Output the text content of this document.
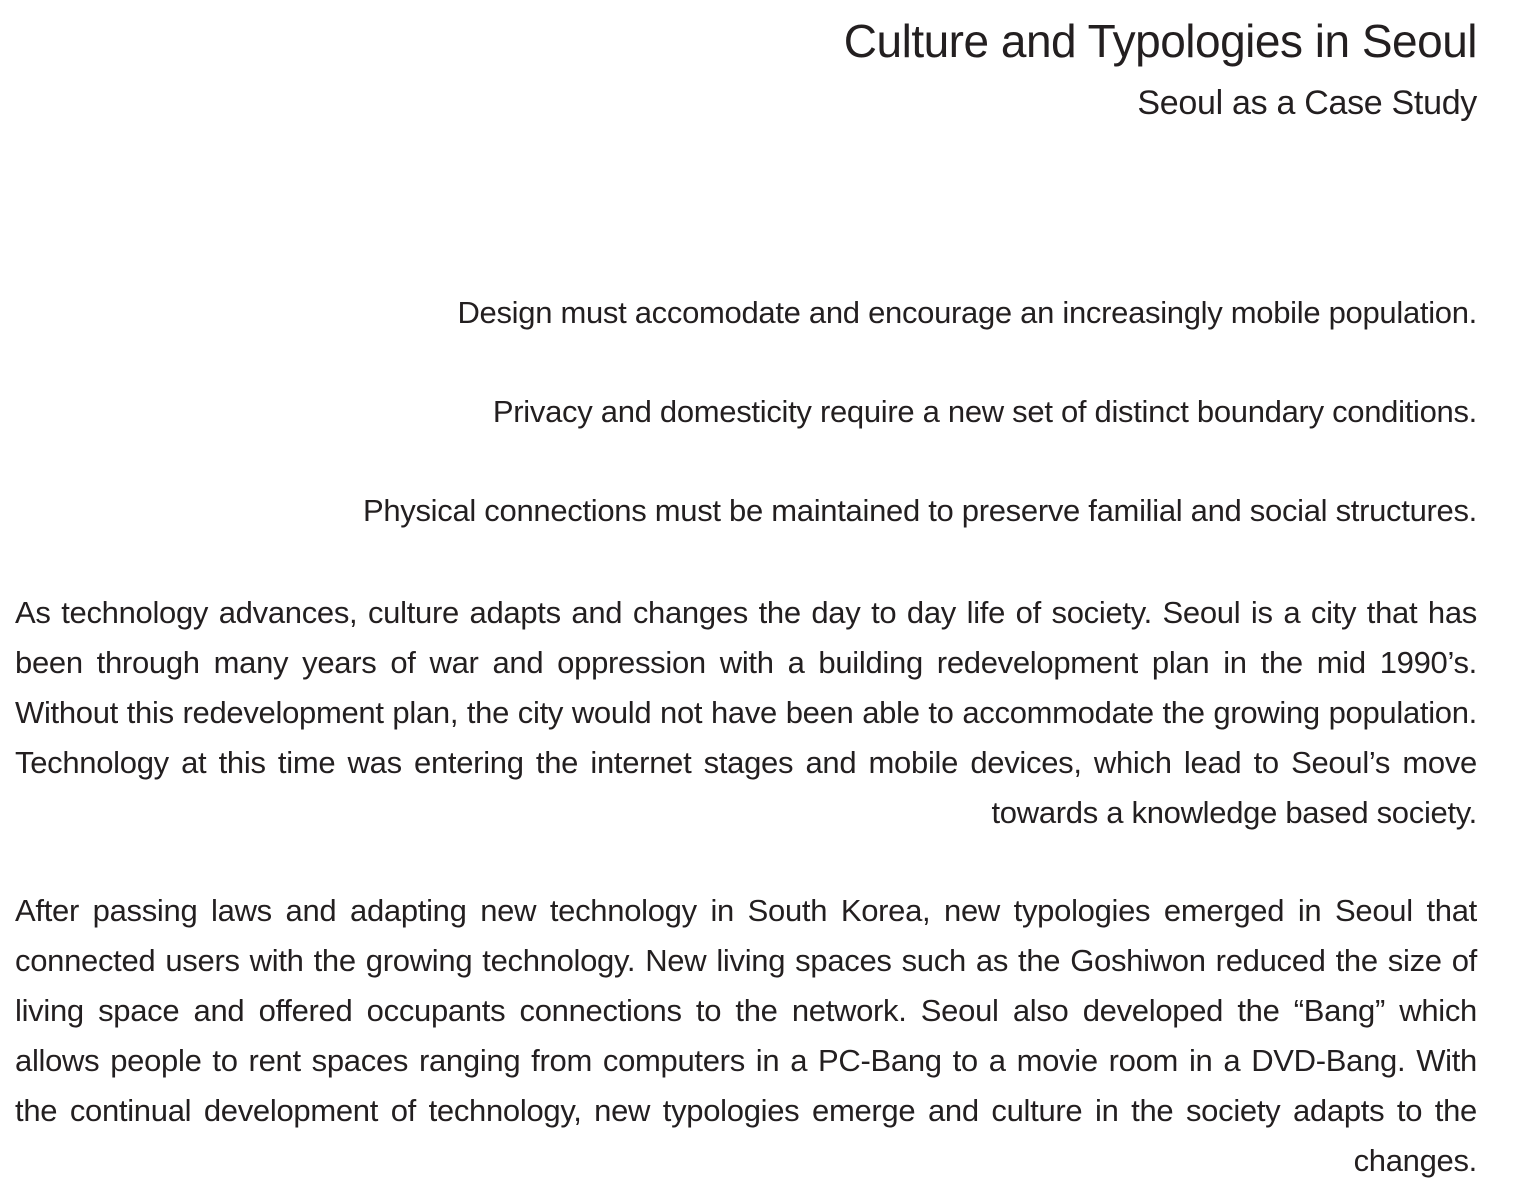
Culture and Typologies in Seoul
Seoul as a Case Study
Design must accomodate and encourage an increasingly mobile population.
Privacy and domesticity require a new set of distinct boundary conditions.
Physical connections must be maintained to preserve familial and social structures.
As technology advances, culture adapts and changes the day to day life of society. Seoul is a city that has been through many years of war and oppression with a building redevelopment plan in the mid 1990’s. Without this redevelopment plan, the city would not have been able to accommodate the growing population. Technology at this time was entering the internet stages and mobile devices, which lead to Seoul’s move towards a knowledge based society.
After passing laws and adapting new technology in South Korea, new typologies emerged in Seoul that connected users with the growing technology. New living spaces such as the Goshiwon reduced the size of living space and offered occupants connections to the network. Seoul also developed the “Bang” which allows people to rent spaces ranging from computers in a PC-Bang to a movie room in a DVD-Bang. With the continual development of technology, new typologies emerge and culture in the society adapts to the changes.
